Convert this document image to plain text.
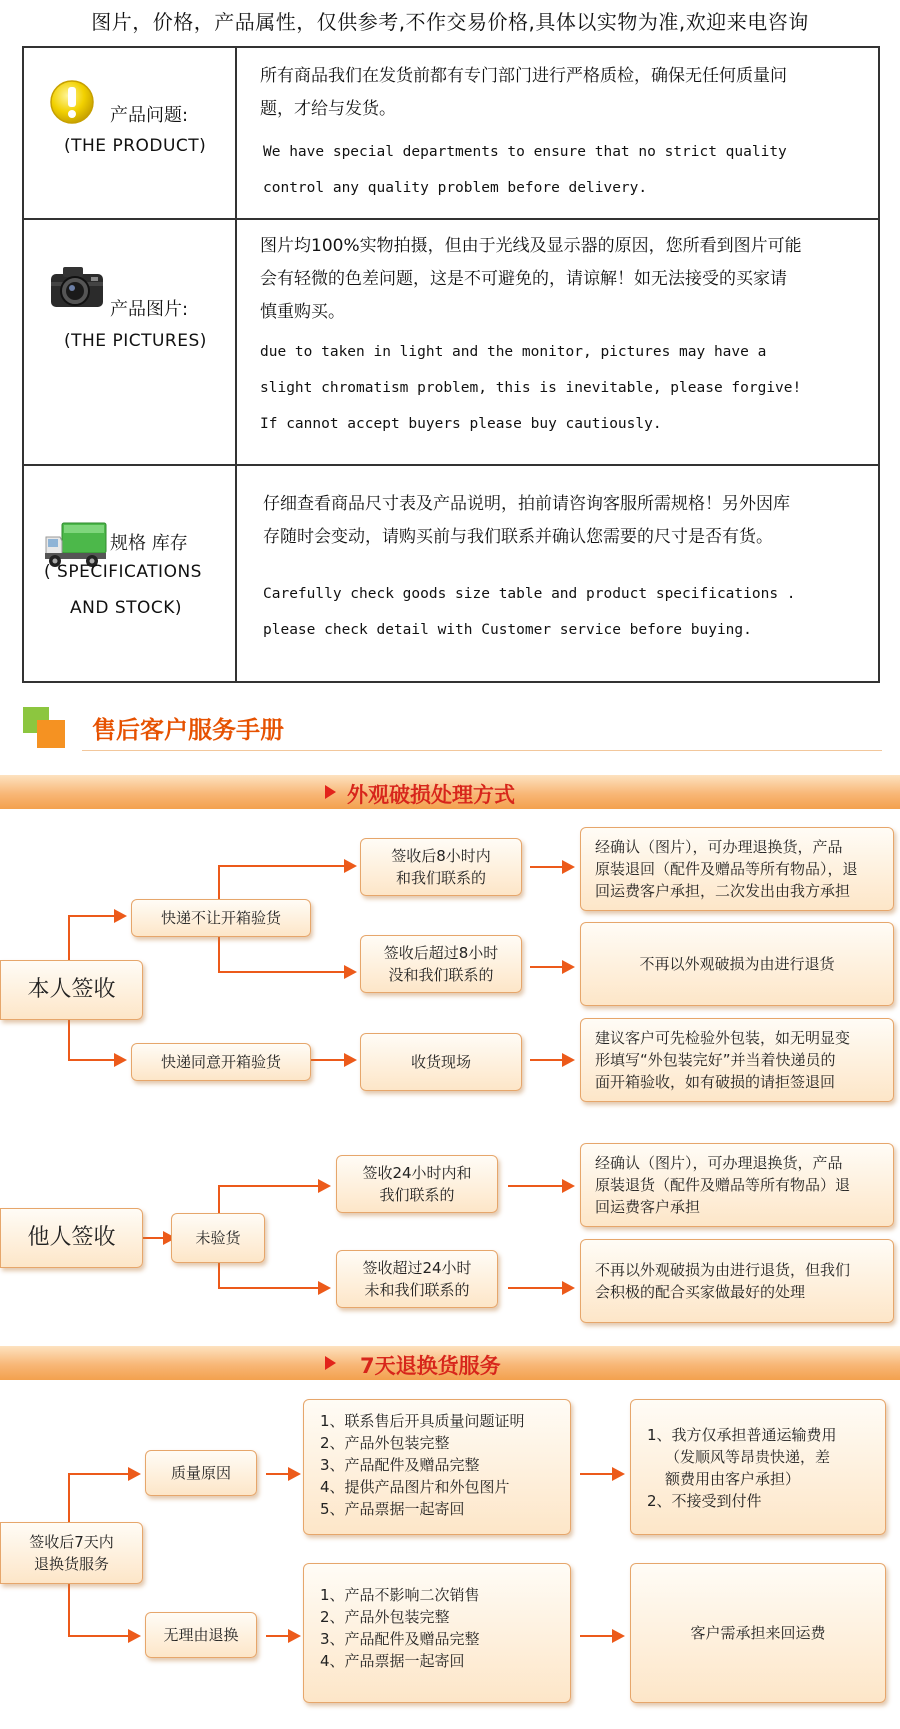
图片，价格，产品属性，仅供参考,不作交易价格,具体以实物为准,欢迎来电咨询
产品问题:
(THE PRODUCT)
所有商品我们在发货前都有专门部门进行严格质检，确保无任何质量问
题，才给与发货。
We have special departments to ensure that no strict quality
control any quality problem before delivery.
产品图片:
(THE PICTURES)
图片均100%实物拍摄，但由于光线及显示器的原因，您所看到图片可能
会有轻微的色差问题，这是不可避免的，请谅解！如无法接受的买家请
慎重购买。
due to taken in light and the monitor, pictures may have a
slight chromatism problem, this is inevitable, please forgive!
If cannot accept buyers please buy cautiously.
规格 库存
( SPECIFICATIONS
AND STOCK)
仔细查看商品尺寸表及产品说明，拍前请咨询客服所需规格！另外因库
存随时会变动，请购买前与我们联系并确认您需要的尺寸是否有货。
Carefully check goods size table and product specifications .
please check detail with Customer service before buying.
售后客户服务手册
外观破损处理方式
本人签收
快递不让开箱验货
快递同意开箱验货
签收后8小时内
和我们联系的
签收后超过8小时
没和我们联系的
收货现场
经确认（图片），可办理退换货，产品
原装退回（配件及赠品等所有物品），退
回运费客户承担，二次发出由我方承担
不再以外观破损为由进行退货
建议客户可先检验外包装，如无明显变
形填写“外包装完好”并当着快递员的
面开箱验收，如有破损的请拒签退回
他人签收	未验货
签收24小时内和
我们联系的
签收超过24小时
未和我们联系的
经确认（图片），可办理退换货，产品
原装退货（配件及赠品等所有物品）退
回运费客户承担
不再以外观破损为由进行退货，但我们
会积极的配合买家做最好的处理
7天退换货服务
签收后7天内
退换货服务
质量原因
无理由退换
1、联系售后开具质量问题证明
2、产品外包装完整
3、产品配件及赠品完整
4、提供产品图片和外包图片
5、产品票据一起寄回
1、产品不影响二次销售
2、产品外包装完整
3、产品配件及赠品完整
4、产品票据一起寄回
1、我方仅承担普通运输费用
（发顺风等昂贵快递，差
额费用由客户承担）
2、不接受到付件
客户需承担来回运费
